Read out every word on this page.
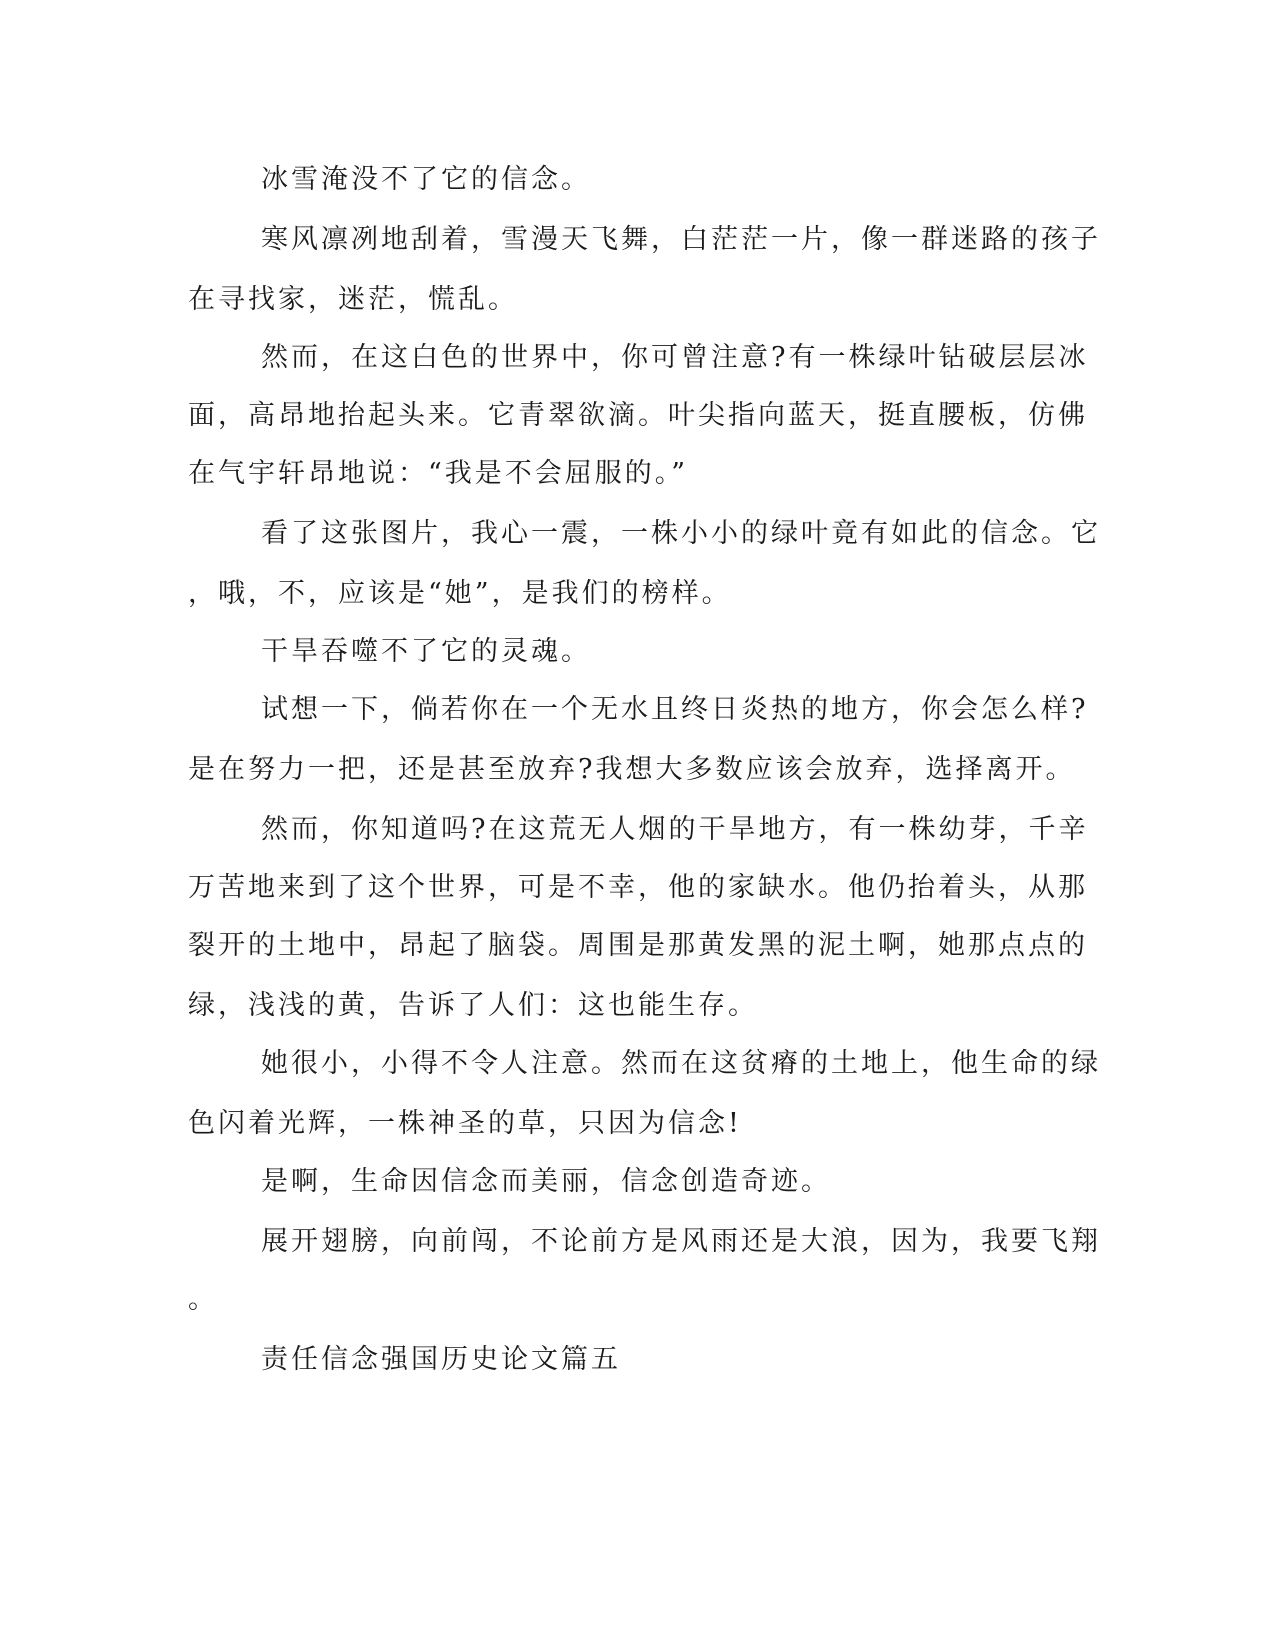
冰雪淹没不了它的信念。
寒风凛冽地刮着，雪漫天飞舞，白茫茫一片，像一群迷路的孩子
在寻找家，迷茫，慌乱。
然而，在这白色的世界中，你可曾注意?有一株绿叶钻破层层冰
面，高昂地抬起头来。它青翠欲滴。叶尖指向蓝天，挺直腰板，仿佛
在气宇轩昂地说：“我是不会屈服的。”
看了这张图片，我心一震，一株小小的绿叶竟有如此的信念。它
，哦，不，应该是“她”，是我们的榜样。
干旱吞噬不了它的灵魂。
试想一下，倘若你在一个无水且终日炎热的地方，你会怎么样?
是在努力一把，还是甚至放弃?我想大多数应该会放弃，选择离开。
然而，你知道吗?在这荒无人烟的干旱地方，有一株幼芽，千辛
万苦地来到了这个世界，可是不幸，他的家缺水。他仍抬着头，从那
裂开的土地中，昂起了脑袋。周围是那黄发黑的泥土啊，她那点点的
绿，浅浅的黄，告诉了人们：这也能生存。
她很小，小得不令人注意。然而在这贫瘠的土地上，他生命的绿
色闪着光辉，一株神圣的草，只因为信念!
是啊，生命因信念而美丽，信念创造奇迹。
展开翅膀，向前闯，不论前方是风雨还是大浪，因为，我要飞翔
。
责任信念强国历史论文篇五
